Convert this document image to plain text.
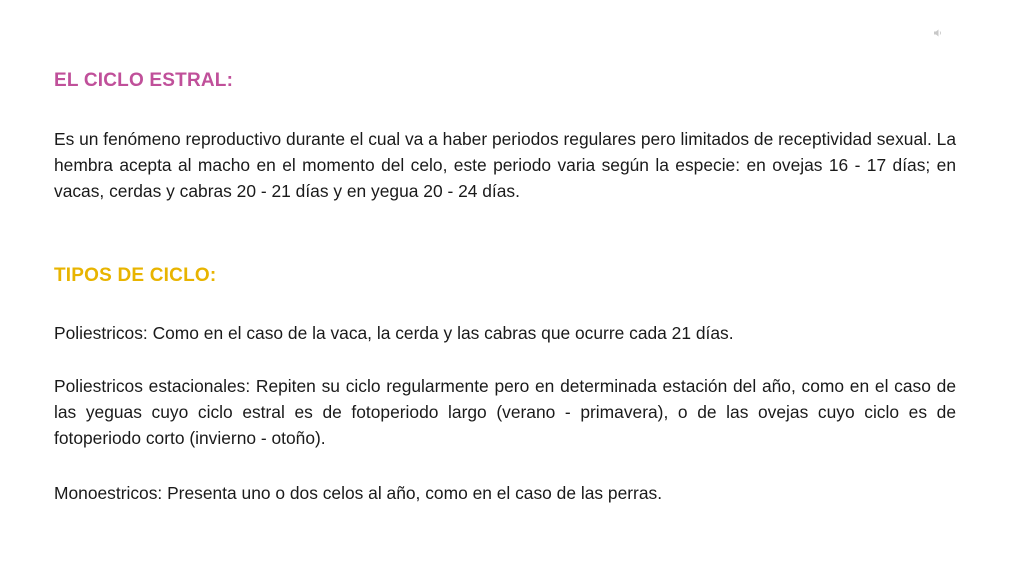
EL CICLO ESTRAL:

Es un fenómeno reproductivo durante el cual va a haber periodos regulares pero limitados de receptividad sexual. La hembra acepta al macho en el momento del celo, este periodo varia según la especie: en ovejas 16 - 17 días; en vacas, cerdas y cabras 20 - 21 días y en yegua 20 - 24 días.

TIPOS DE CICLO:

Poliestricos: Como en el caso de la vaca, la cerda y las cabras que ocurre cada 21 días.

Poliestricos estacionales: Repiten su ciclo regularmente pero en determinada estación del año, como en el caso de las yeguas cuyo ciclo estral es de fotoperiodo largo (verano - primavera), o de las ovejas cuyo ciclo es de fotoperiodo corto (invierno - otoño).

Monoestricos: Presenta uno o dos celos al año, como en el caso de las perras.
